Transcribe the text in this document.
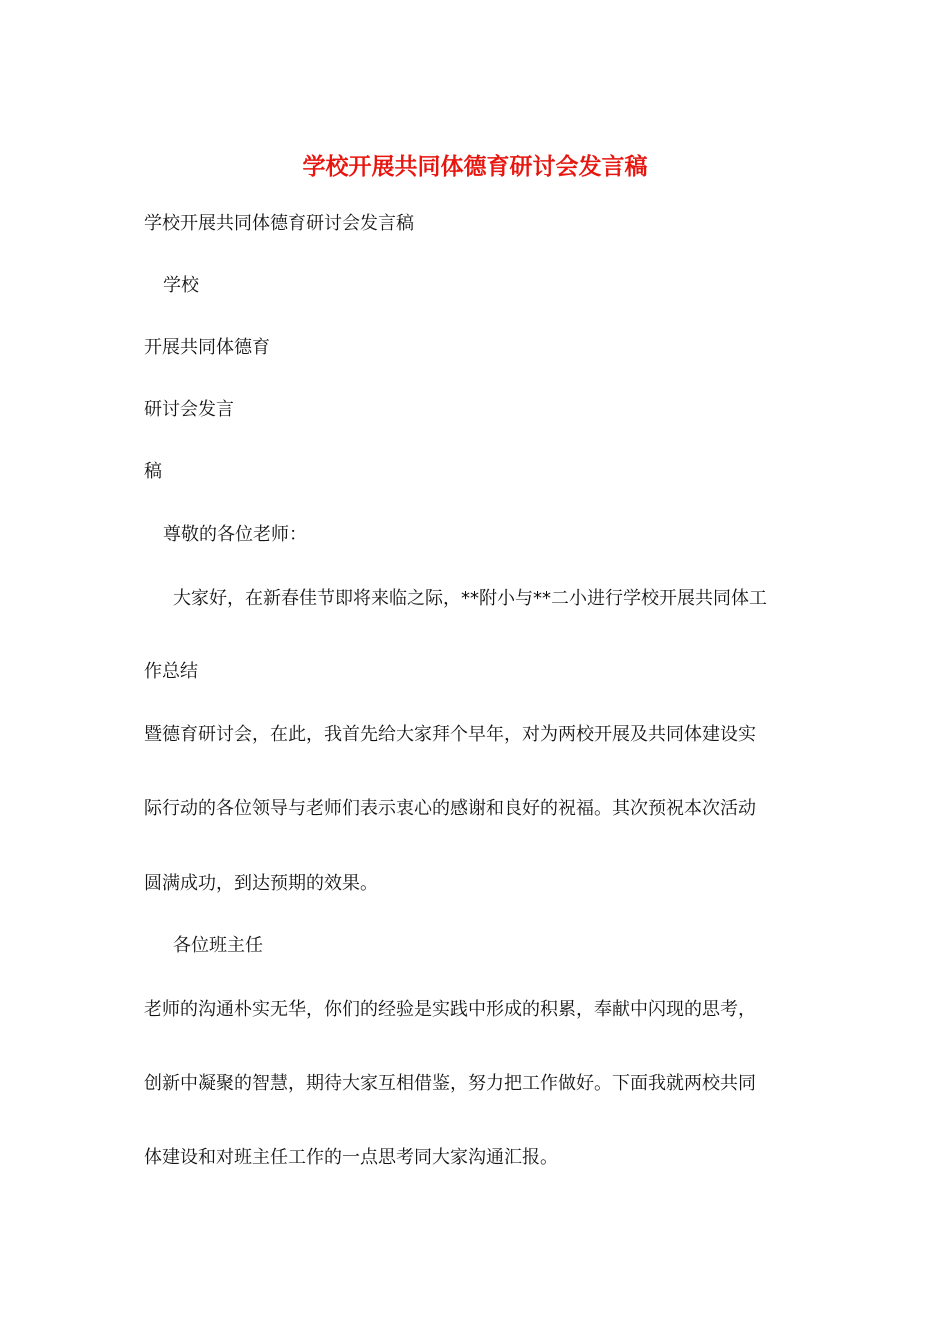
学校开展共同体德育研讨会发言稿
学校开展共同体德育研讨会发言稿
学校
开展共同体德育
研讨会发言
稿
尊敬的各位老师：
大家好，在新春佳节即将来临之际，**附小与**二小进行学校开展共同体工
作总结
暨德育研讨会，在此，我首先给大家拜个早年，对为两校开展及共同体建设实
际行动的各位领导与老师们表示衷心的感谢和良好的祝福。其次预祝本次活动
圆满成功，到达预期的效果。
各位班主任
老师的沟通朴实无华，你们的经验是实践中形成的积累，奉献中闪现的思考，
创新中凝聚的智慧，期待大家互相借鉴，努力把工作做好。下面我就两校共同
体建设和对班主任工作的一点思考同大家沟通汇报。
